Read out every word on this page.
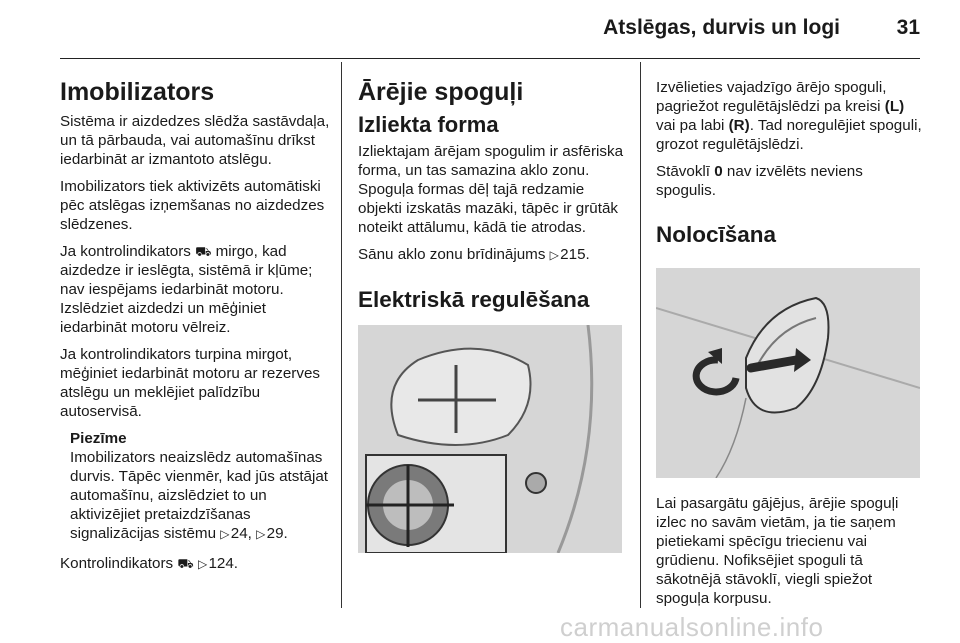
Atslēgas, durvis un logi	31
Imobilizators

Sistēma ir aizdedzes slēdža sastāvdaļa, un tā pārbauda, vai automašīnu drīkst iedarbināt ar izmantoto atslēgu.

Imobilizators tiek aktivizēts automātiski pēc atslēgas izņemšanas no aizdedzes slēdzenes.

Ja kontrolindikators ⛟ mirgo, kad aizdedze ir ieslēgta, sistēmā ir kļūme; nav iespējams iedarbināt motoru. Izslēdziet aizdedzi un mēģiniet iedarbināt motoru vēlreiz.

Ja kontrolindikators turpina mirgot, mēģiniet iedarbināt motoru ar rezerves atslēgu un meklējiet palīdzību autoservisā.

Piezīme
Imobilizators neaizslēdz automašīnas durvis. Tāpēc vienmēr, kad jūs atstājat automašīnu, aizslēdziet to un aktivizējiet pretaizdzīšanas signalizācijas sistēmu ▷ 24, ▷ 29.

Kontrolindikators ⛟ ▷ 124.

Ārējie spoguļi
Izliekta forma

Izliektajam ārējam spogulim ir asfēriska forma, un tas samazina aklo zonu. Spoguļa formas dēļ tajā redzamie objekti izskatās mazāki, tāpēc ir grūtāk noteikt attālumu, kādā tie atrodas.

Sānu aklo zonu brīdinājums ▷ 215.

Elektriskā regulēšana

Izvēlieties vajadzīgo ārējo spoguli, pagriežot regulētājslēdzi pa kreisi (L) vai pa labi (R). Tad noregulējiet spoguli, grozot regulētājslēdzi.

Stāvoklī 0 nav izvēlēts neviens spogulis.

Nolocīšana

Lai pasargātu gājējus, ārējie spoguļi izlec no savām vietām, ja tie saņem pietiekami spēcīgu triecienu vai grūdienu. Nofiksējiet spoguli tā sākotnējā stāvoklī, viegli spiežot spoguļa korpusu.

carmanualsonline.info
